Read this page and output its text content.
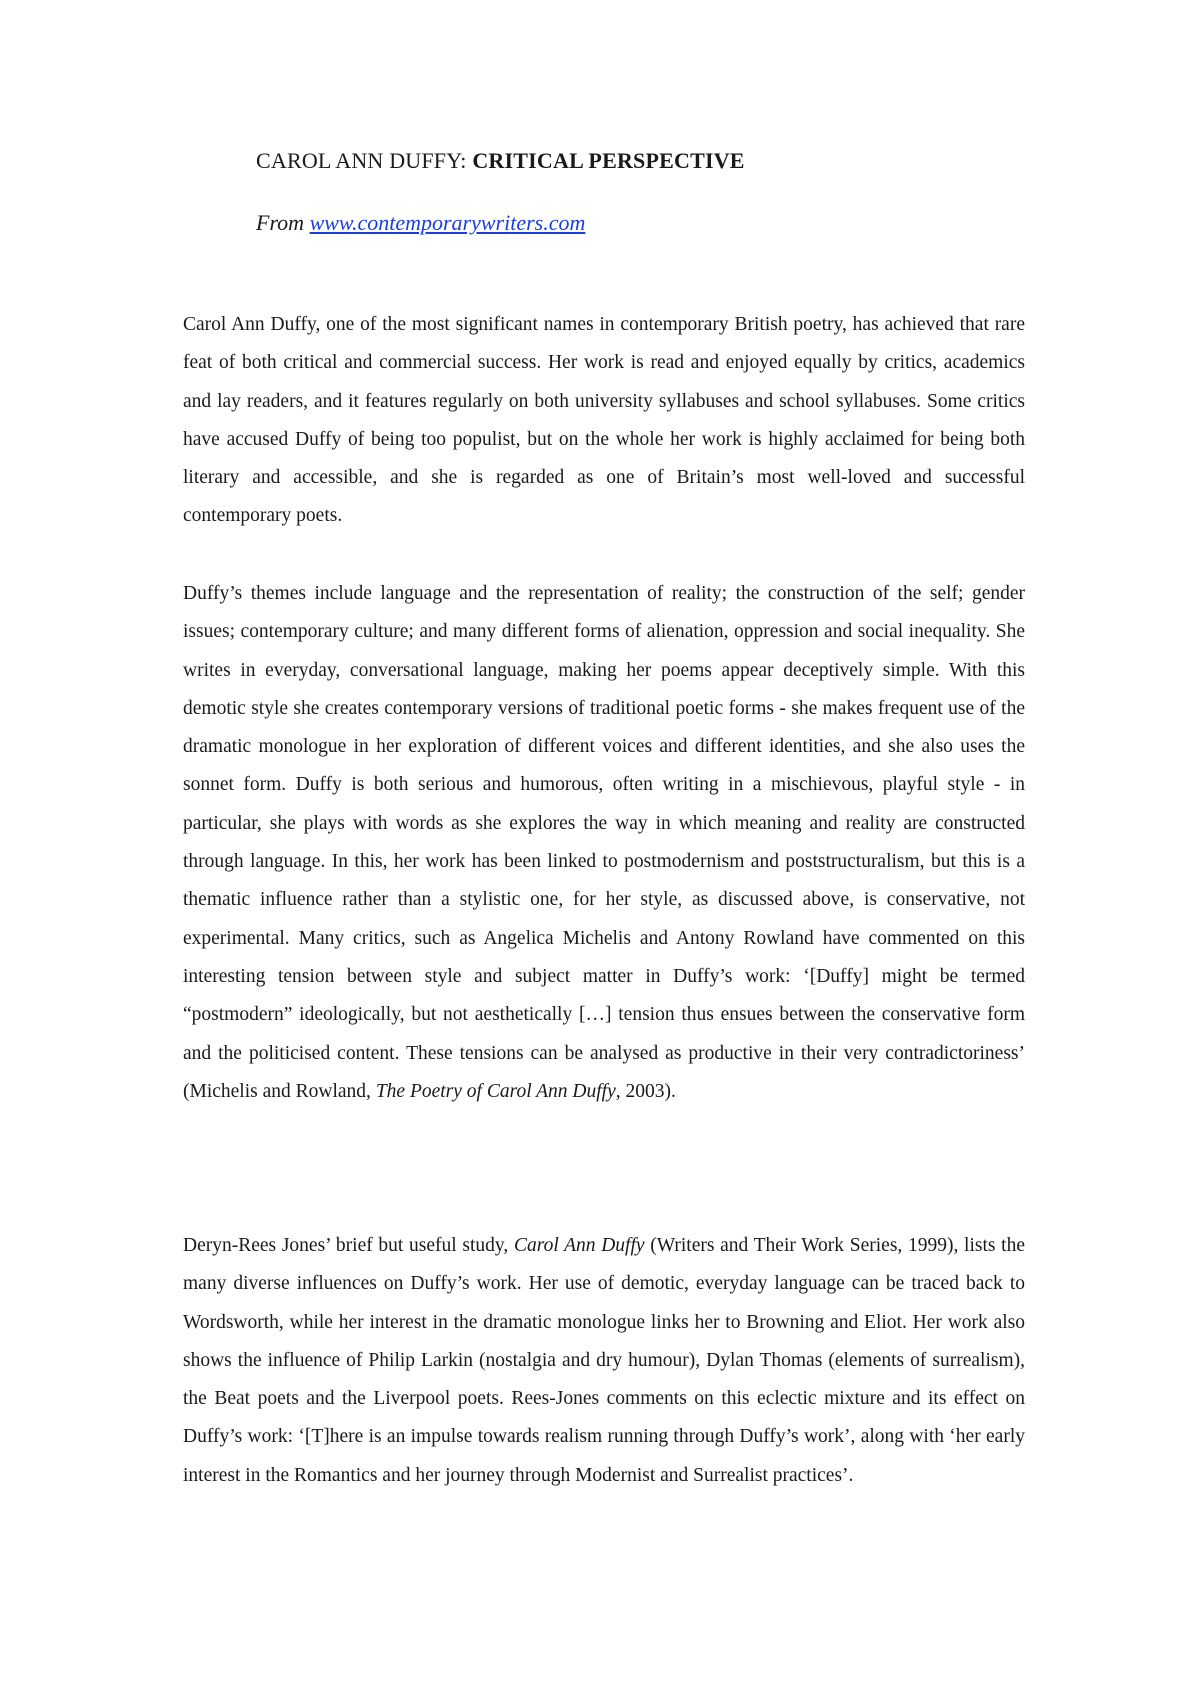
CAROL ANN DUFFY: CRITICAL PERSPECTIVE

From www.contemporarywriters.com

Carol Ann Duffy, one of the most significant names in contemporary British poetry, has achieved that rare feat of both critical and commercial success. Her work is read and enjoyed equally by critics, academics and lay readers, and it features regularly on both university syllabuses and school syllabuses. Some critics have accused Duffy of being too populist, but on the whole her work is highly acclaimed for being both literary and accessible, and she is regarded as one of Britain’s most well-loved and successful contemporary poets.

Duffy’s themes include language and the representation of reality; the construction of the self; gender issues; contemporary culture; and many different forms of alienation, oppression and social inequality. She writes in everyday, conversational language, making her poems appear deceptively simple. With this demotic style she creates contemporary versions of traditional poetic forms - she makes frequent use of the dramatic monologue in her exploration of different voices and different identities, and she also uses the sonnet form. Duffy is both serious and humorous, often writing in a mischievous, playful style - in particular, she plays with words as she explores the way in which meaning and reality are constructed through language. In this, her work has been linked to postmodernism and poststructuralism, but this is a thematic influence rather than a stylistic one, for her style, as discussed above, is conservative, not experimental. Many critics, such as Angelica Michelis and Antony Rowland have commented on this interesting tension between style and subject matter in Duffy’s work: ‘[Duffy] might be termed “postmodern” ideologically, but not aesthetically […] tension thus ensues between the conservative form and the politicised content. These tensions can be analysed as productive in their very contradictoriness’ (Michelis and Rowland, The Poetry of Carol Ann Duffy, 2003).

Deryn-Rees Jones’ brief but useful study, Carol Ann Duffy (Writers and Their Work Series, 1999), lists the many diverse influences on Duffy’s work. Her use of demotic, everyday language can be traced back to Wordsworth, while her interest in the dramatic monologue links her to Browning and Eliot. Her work also shows the influence of Philip Larkin (nostalgia and dry humour), Dylan Thomas (elements of surrealism), the Beat poets and the Liverpool poets. Rees-Jones comments on this eclectic mixture and its effect on Duffy’s work: ‘[T]here is an impulse towards realism running through Duffy’s work’, along with ‘her early interest in the Romantics and her journey through Modernist and Surrealist practices’.
